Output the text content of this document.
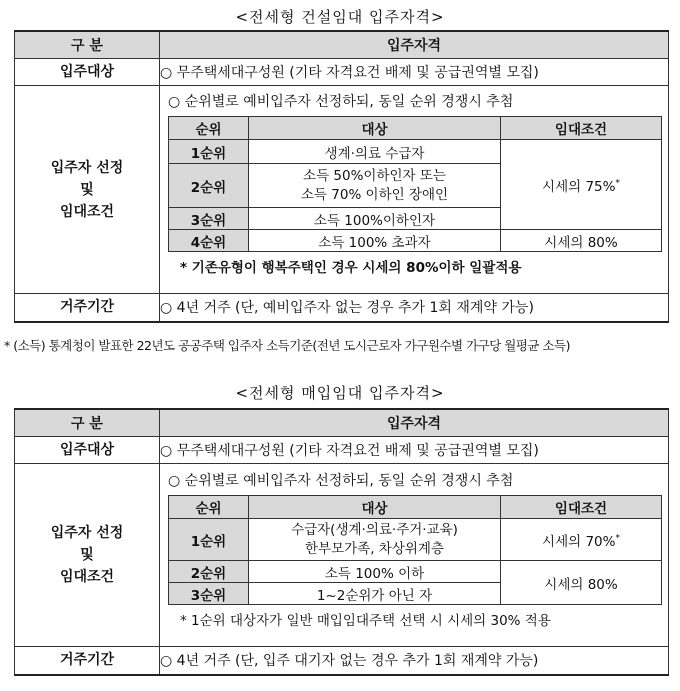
<전세형 건설임대 입주자격>
구 분	입주자격
입주대상	○ 무주택세대구성원 (기타 자격요건 배제 및 공급권역별 모집)

입주자 선정
및
임대조건

○ 순위별로 예비입주자 선정하되, 동일 순위 경쟁시 추첨
순위	대상	임대조건
1순위	생계·의료 수급자	시세의 75%*
2순위	
소득 50%이하인자 또는
소득 70% 이하인 장애인

3순위	소득 100%이하인자
4순위	소득 100% 초과자	시세의 80%
* 기존유형이 행복주택인 경우 시세의 80%이하 일괄적용

거주기간	○ 4년 거주 (단, 예비입주자 없는 경우 추가 1회 재계약 가능)
* (소득) 통계청이 발표한 22년도 공공주택 입주자 소득기준(전년 도시근로자 가구원수별 가구당 월평균 소득)
<전세형 매입임대 입주자격>
구 분	입주자격
입주대상	○ 무주택세대구성원 (기타 자격요건 배제 및 공급권역별 모집)

입주자 선정
및
임대조건

○ 순위별로 예비입주자 선정하되, 동일 순위 경쟁시 추첨
순위	대상	임대조건
1순위	
수급자(생계·의료·주거·교육)
한부모가족, 차상위계층	시세의 70%*
2순위	소득 100% 이하	시세의 80%
3순위	1~2순위가 아닌 자
* 1순위 대상자가 일반 매입임대주택 선택 시 시세의 30% 적용

거주기간	○ 4년 거주 (단, 입주 대기자 없는 경우 추가 1회 재계약 가능)
